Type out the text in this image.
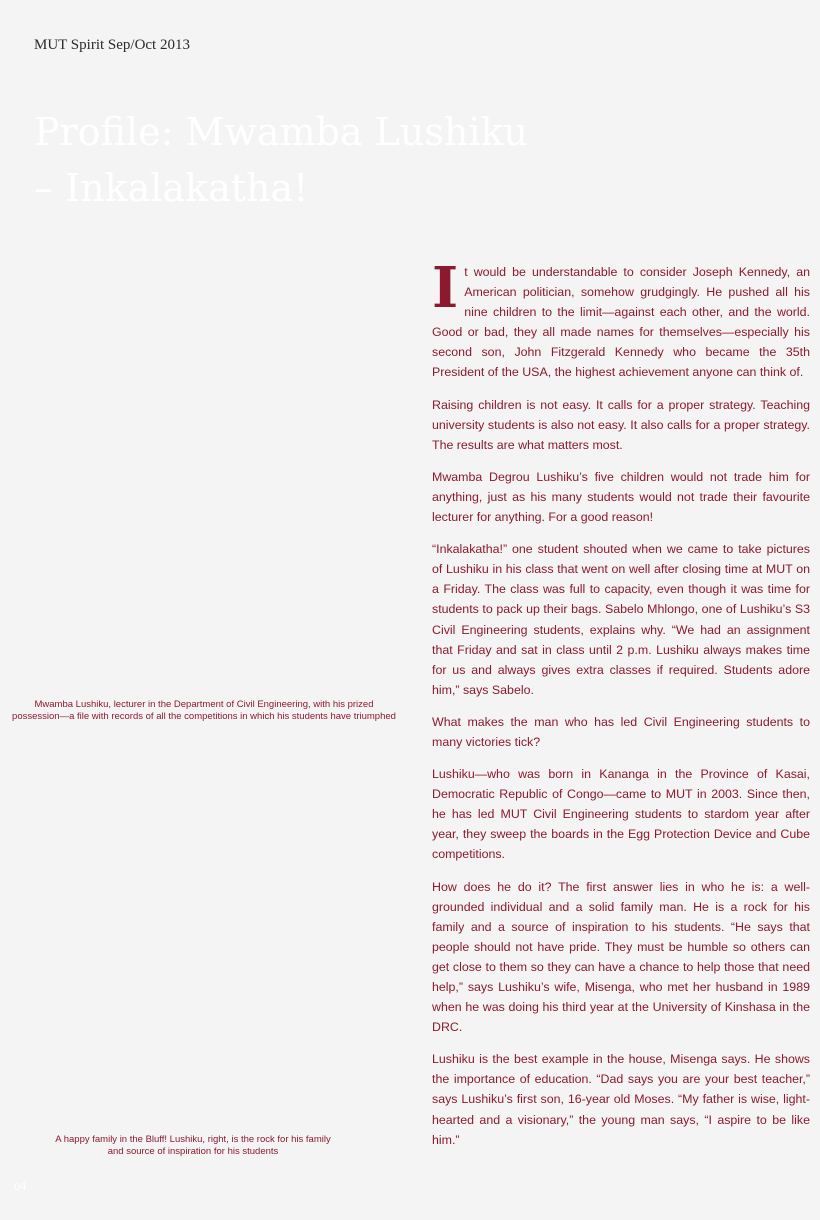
MUT Spirit Sep/Oct 2013
Profile: Mwamba Lushiku
– Inkalakatha!
Mwamba Lushiku, lecturer in the Department of Civil Engineering, with his prized
possession—a file with records of all the competitions in which his students have triumphed
A happy family in the Bluff! Lushiku, right, is the rock for his family
and source of inspiration for his students
04

It would be understandable to consider Joseph Kennedy, an American politician, somehow grudgingly. He pushed all his nine children to the limit—against each other, and the world. Good or bad, they all made names for themselves—especially his second son, John Fitzgerald Kennedy who became the 35th President of the USA, the highest achievement anyone can think of.

Raising children is not easy. It calls for a proper strategy. Teaching university students is also not easy. It also calls for a proper strategy. The results are what matters most.

Mwamba Degrou Lushiku’s five children would not trade him for anything, just as his many students would not trade their favourite lecturer for anything. For a good reason!

“Inkalakatha!” one student shouted when we came to take pictures of Lushiku in his class that went on well after closing time at MUT on a Friday. The class was full to capacity, even though it was time for students to pack up their bags. Sabelo Mhlongo, one of Lushiku’s S3 Civil Engineering students, explains why. “We had an assignment that Friday and sat in class until 2 p.m. Lushiku always makes time for us and always gives extra classes if required. Students adore him,” says Sabelo.

What makes the man who has led Civil Engineering students to many victories tick?

Lushiku—who was born in Kananga in the Province of Kasai, Democratic Republic of Congo—came to MUT in 2003. Since then, he has led MUT Civil Engineering students to stardom year after year, they sweep the boards in the Egg Protection Device and Cube competitions.

How does he do it? The first answer lies in who he is: a well-grounded individual and a solid family man. He is a rock for his family and a source of inspiration to his students. “He says that people should not have pride. They must be humble so others can get close to them so they can have a chance to help those that need help,” says Lushiku’s wife, Misenga, who met her husband in 1989 when he was doing his third year at the University of Kinshasa in the DRC.

Lushiku is the best example in the house, Misenga says. He shows the importance of education. “Dad says you are your best teacher,” says Lushiku’s first son, 16-year old Moses. “My father is wise, light-hearted and a visionary,” the young man says, “I aspire to be like him.”
